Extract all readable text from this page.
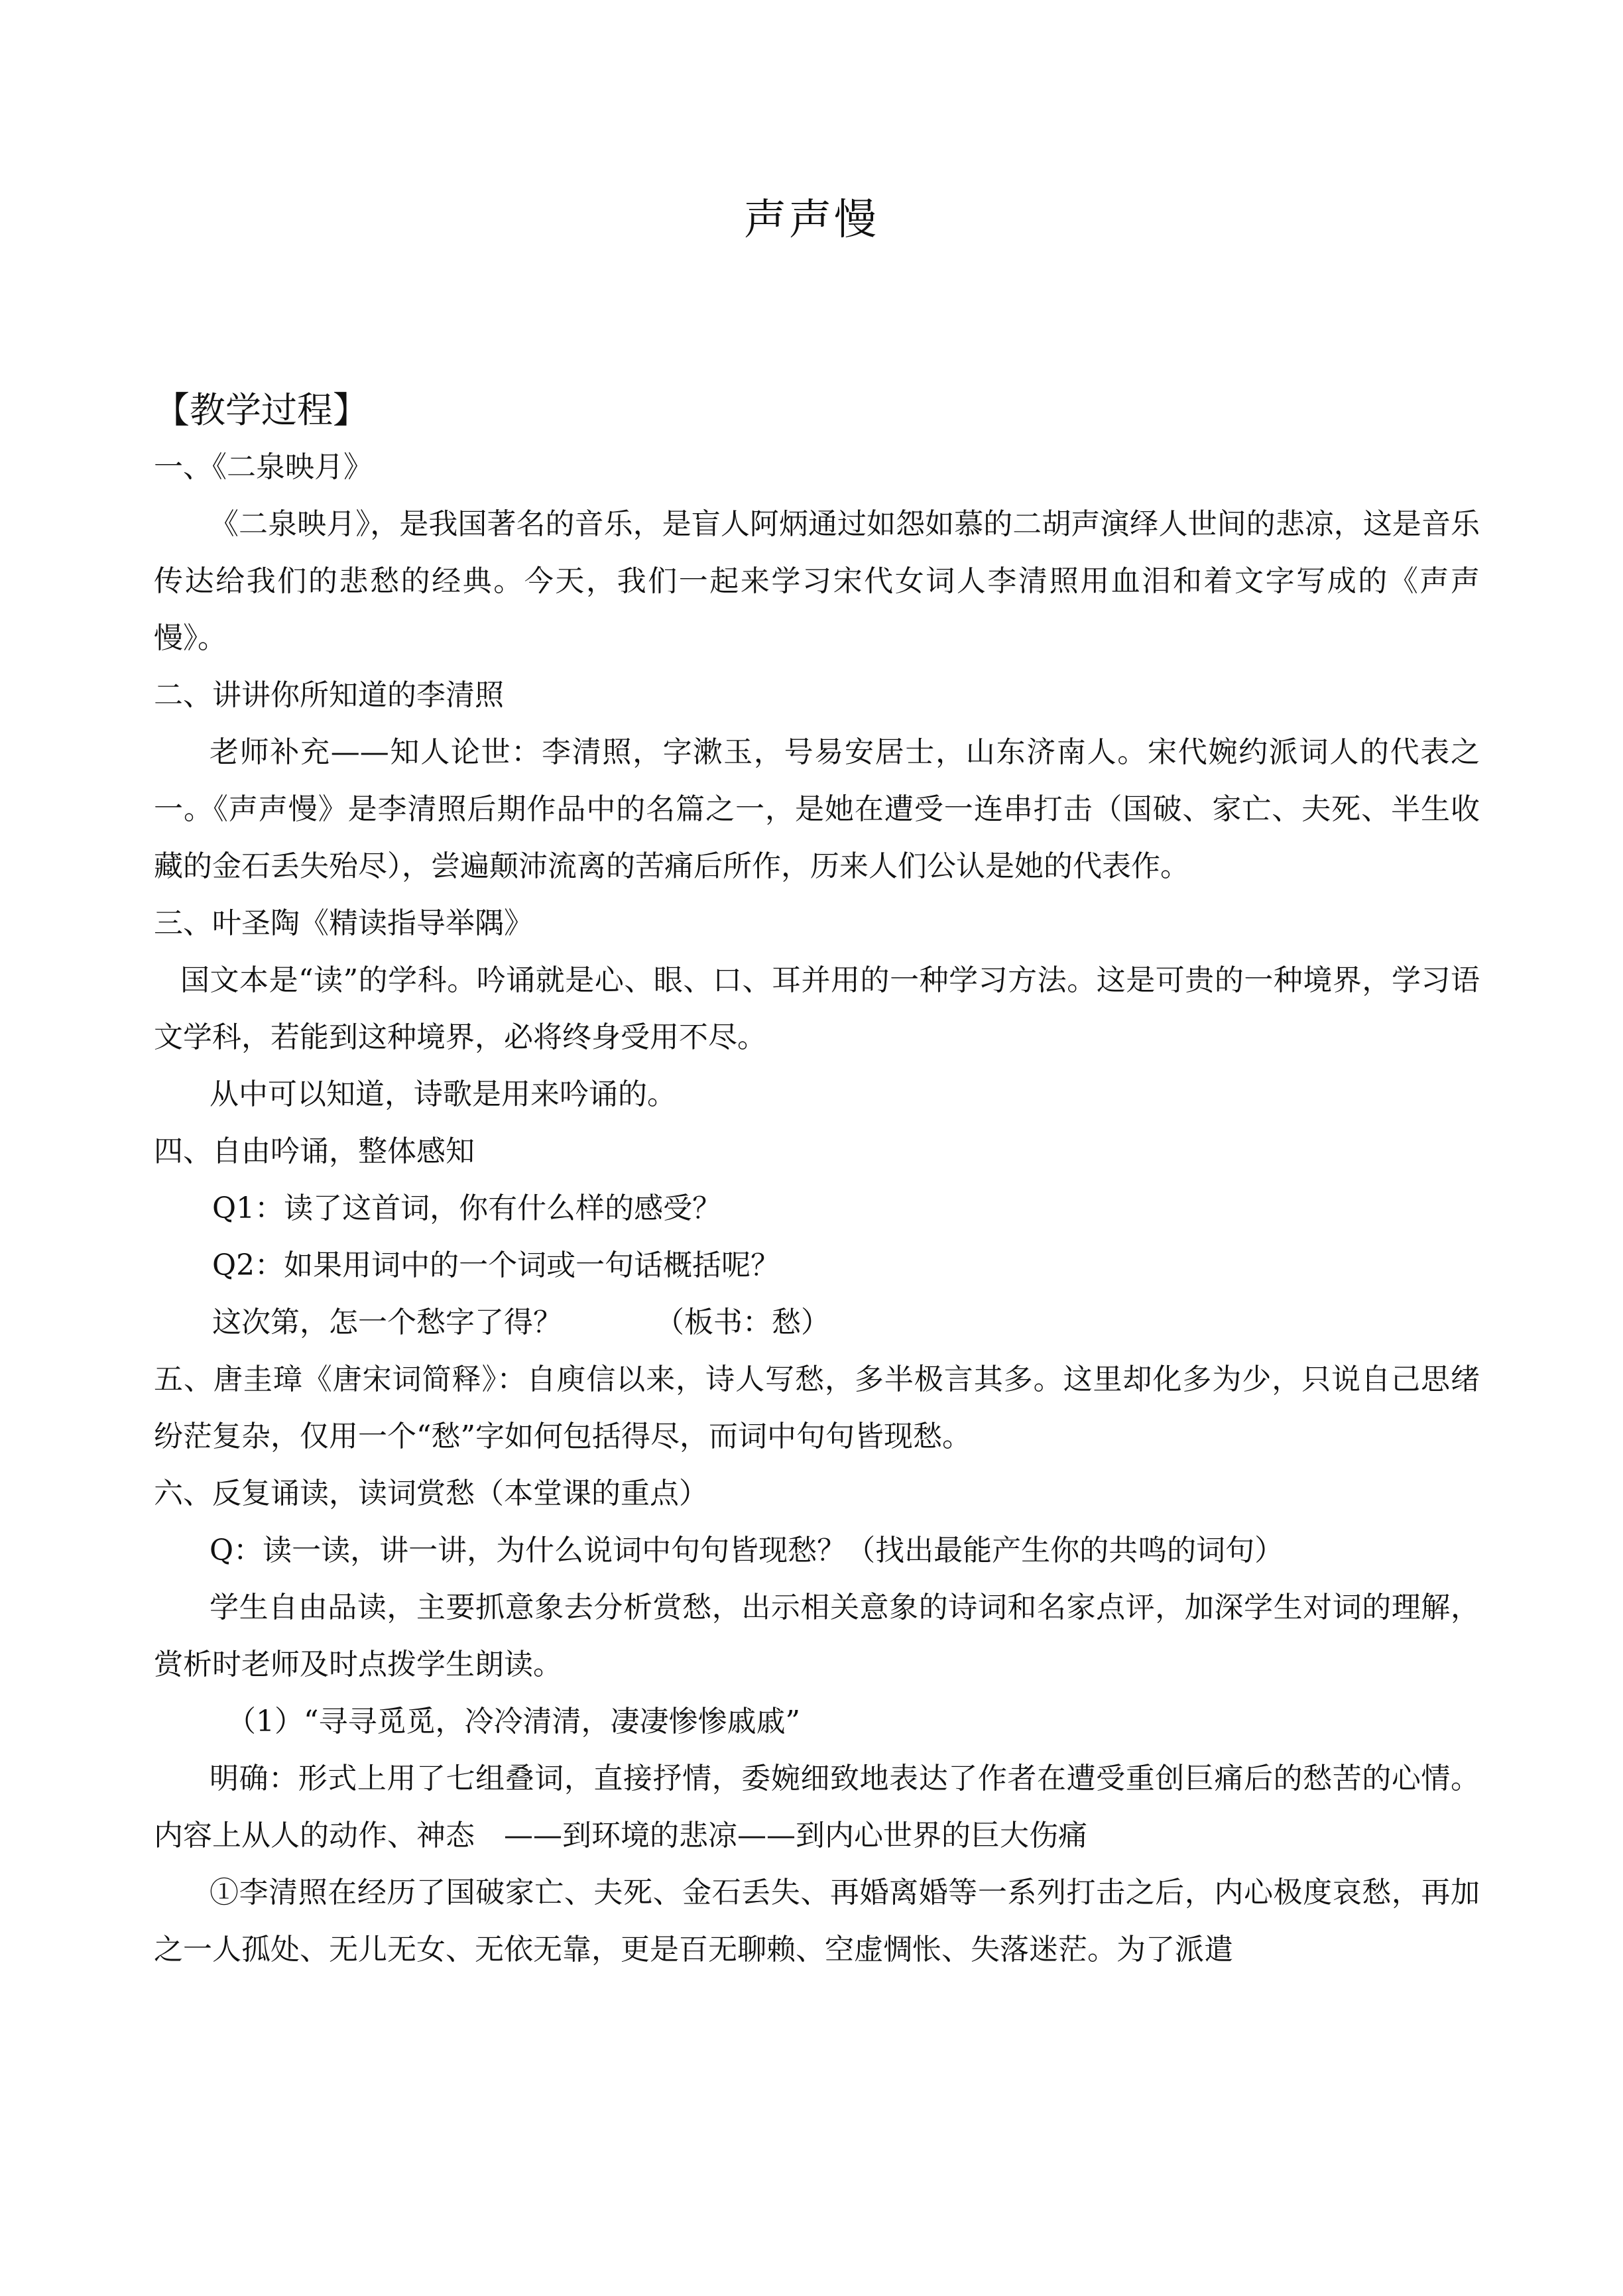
声声慢

【教学过程】

一、《二泉映月》

《二泉映月》，是我国著名的音乐，是盲人阿炳通过如怨如慕的二胡声演绎人世间的悲凉，这是音乐传达给我们的悲愁的经典。今天，我们一起来学习宋代女词人李清照用血泪和着文字写成的《声声慢》。

二、讲讲你所知道的李清照

老师补充——知人论世：李清照，字漱玉，号易安居士，山东济南人。宋代婉约派词人的代表之一。《声声慢》是李清照后期作品中的名篇之一，是她在遭受一连串打击（国破、家亡、夫死、半生收藏的金石丢失殆尽），尝遍颠沛流离的苦痛后所作，历来人们公认是她的代表作。

三、叶圣陶《精读指导举隅》

国文本是“读”的学科。吟诵就是心、眼、口、耳并用的一种学习方法。这是可贵的一种境界，学习语文学科，若能到这种境界，必将终身受用不尽。

从中可以知道，诗歌是用来吟诵的。

四、自由吟诵，整体感知

Q1：读了这首词，你有什么样的感受？

Q2：如果用词中的一个词或一句话概括呢？

这次第，怎一个愁字了得？	（板书：愁）

五、唐圭璋《唐宋词简释》：自庾信以来，诗人写愁，多半极言其多。这里却化多为少，只说自己思绪纷茫复杂，仅用一个“愁”字如何包括得尽，而词中句句皆现愁。

六、反复诵读，读词赏愁（本堂课的重点）

Q：读一读，讲一讲，为什么说词中句句皆现愁？（找出最能产生你的共鸣的词句）

学生自由品读，主要抓意象去分析赏愁，出示相关意象的诗词和名家点评，加深学生对词的理解，赏析时老师及时点拨学生朗读。

（1）“寻寻觅觅，冷冷清清，凄凄惨惨戚戚”

明确：形式上用了七组叠词，直接抒情，委婉细致地表达了作者在遭受重创巨痛后的愁苦的心情。内容上从人的动作、神态　——到环境的悲凉——到内心世界的巨大伤痛

①李清照在经历了国破家亡、夫死、金石丢失、再婚离婚等一系列打击之后，内心极度哀愁，再加之一人孤处、无儿无女、无依无靠，更是百无聊赖、空虚惆怅、失落迷茫。为了派遣
